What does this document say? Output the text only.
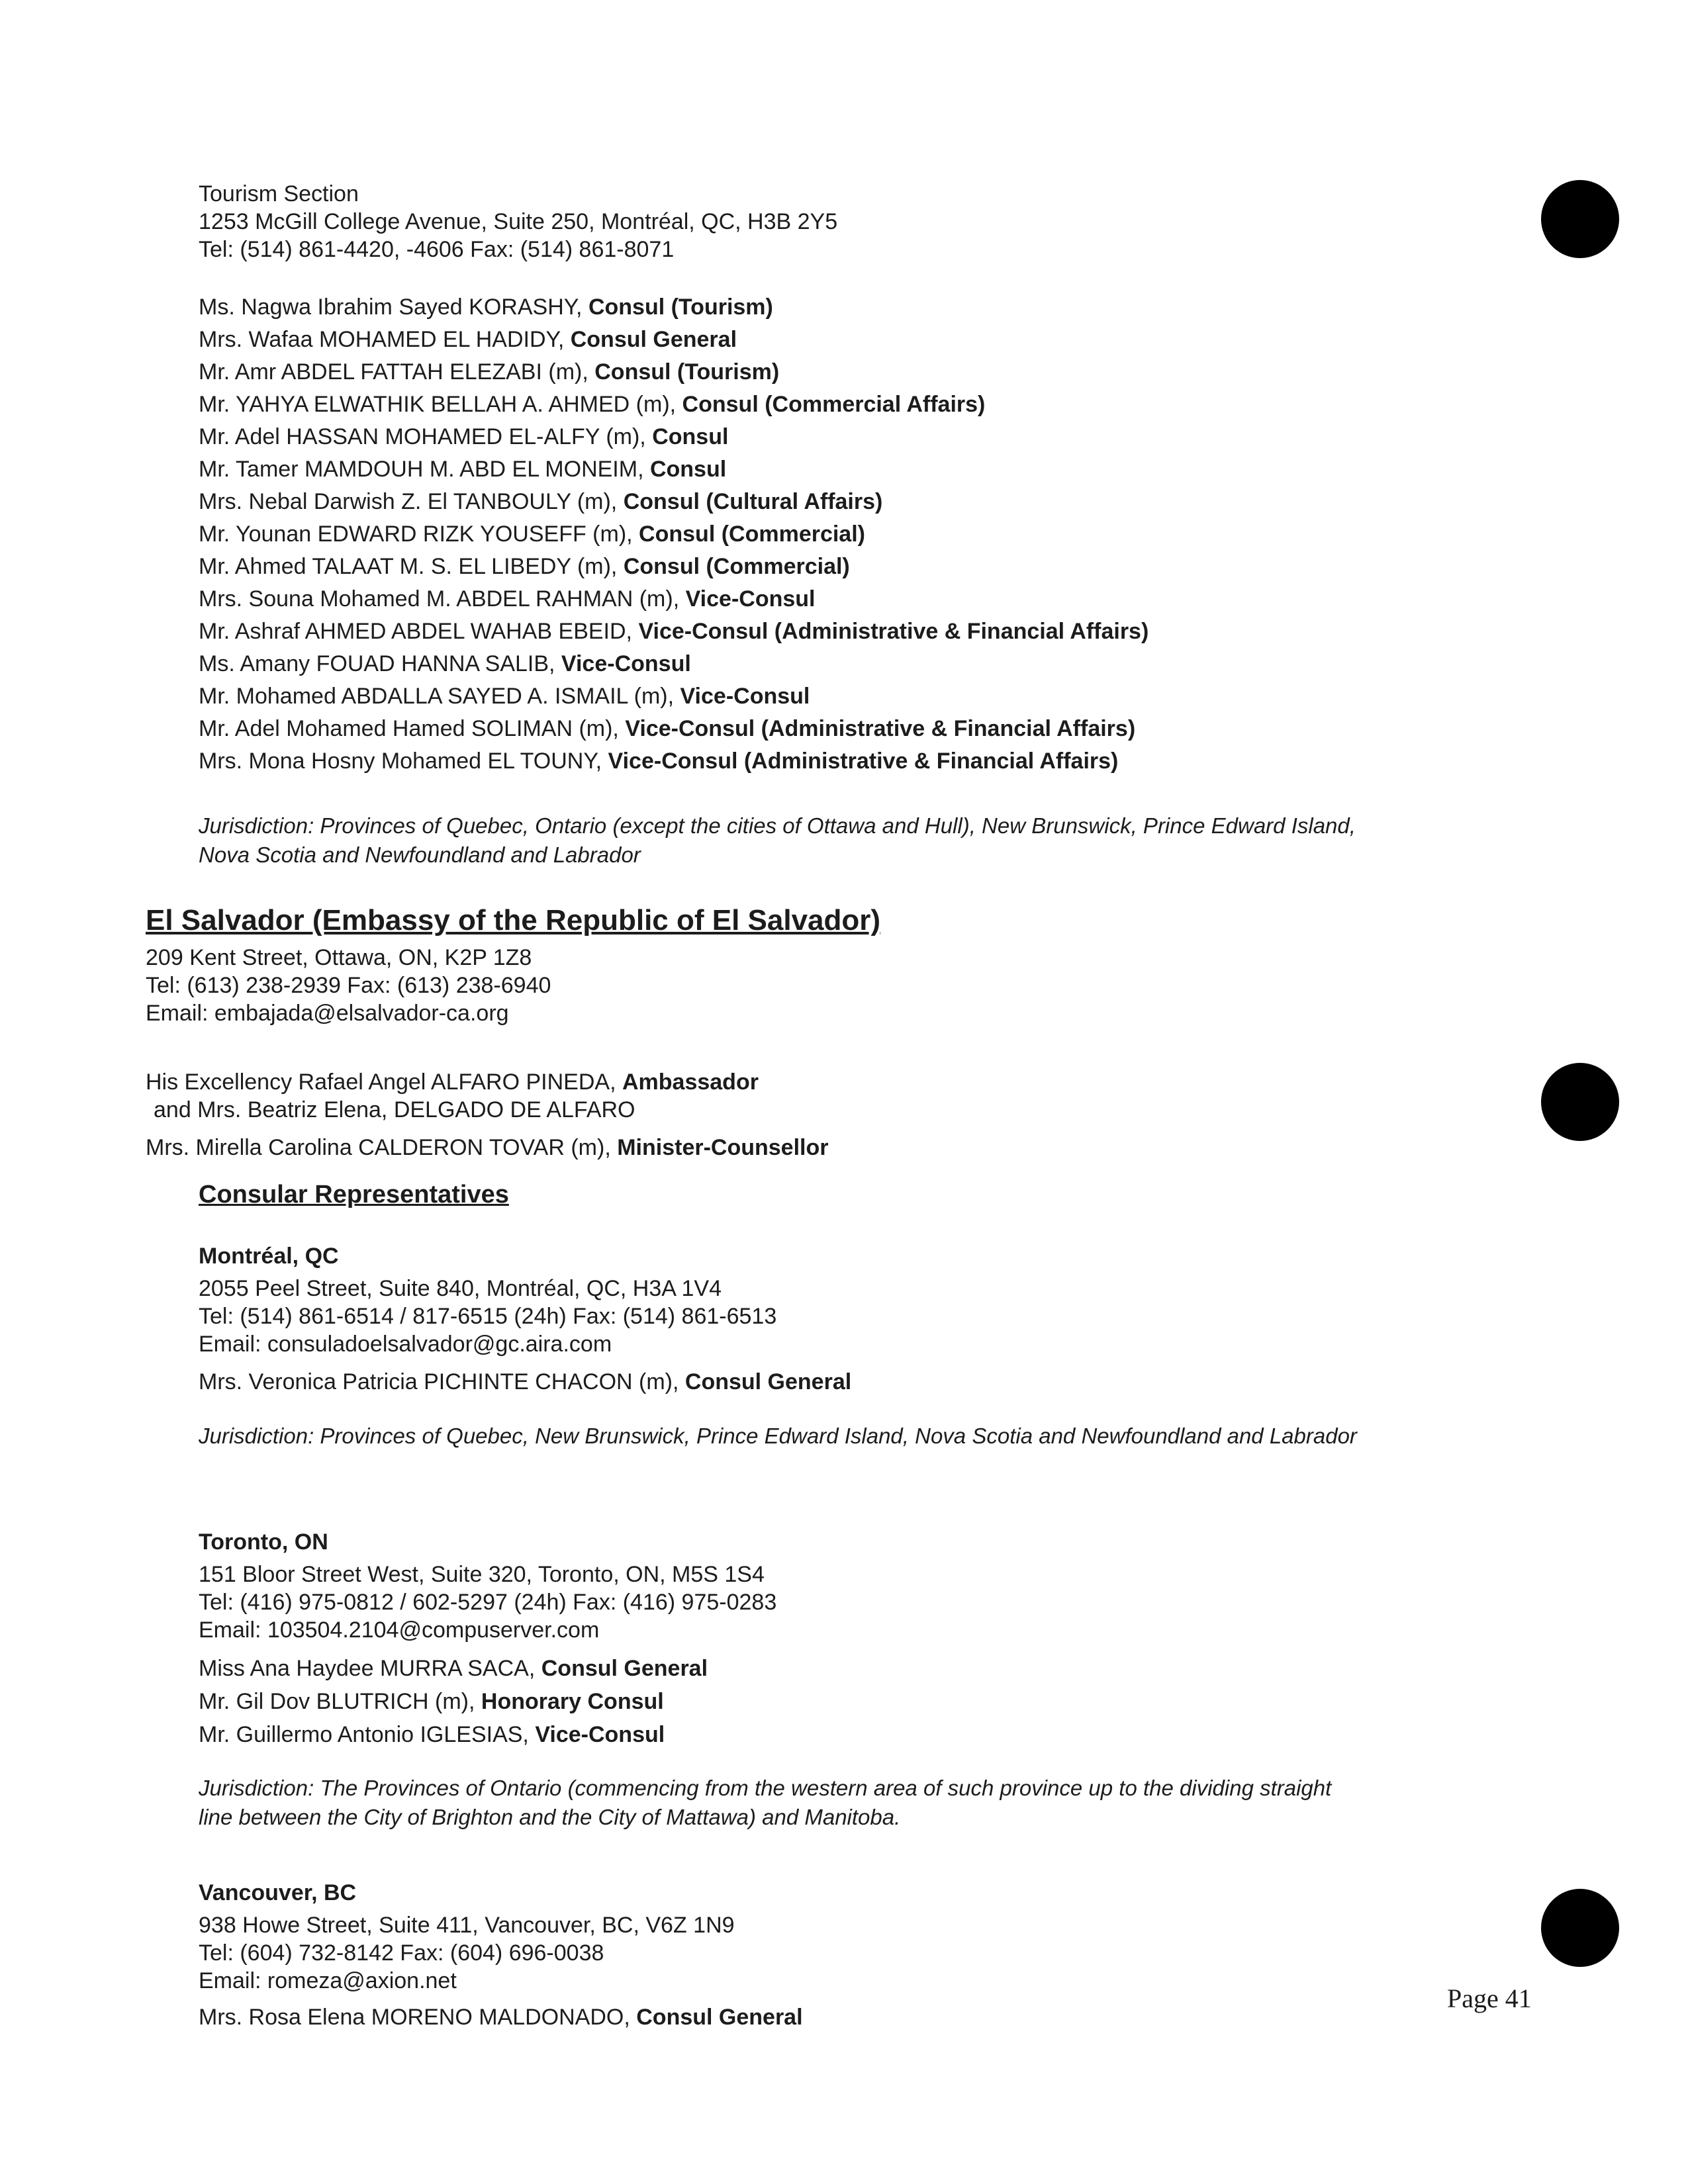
Tourism Section
1253 McGill College Avenue, Suite 250, Montréal, QC, H3B 2Y5
Tel: (514) 861-4420, -4606 Fax: (514) 861-8071
Ms. Nagwa Ibrahim Sayed KORASHY, Consul (Tourism)
Mrs. Wafaa MOHAMED EL HADIDY, Consul General
Mr. Amr ABDEL FATTAH ELEZABI (m), Consul (Tourism)
Mr. YAHYA ELWATHIK BELLAH A. AHMED (m), Consul (Commercial Affairs)
Mr. Adel HASSAN MOHAMED EL-ALFY (m), Consul
Mr. Tamer MAMDOUH M. ABD EL MONEIM, Consul
Mrs. Nebal Darwish Z. El TANBOULY (m), Consul (Cultural Affairs)
Mr. Younan EDWARD RIZK YOUSEFF (m), Consul (Commercial)
Mr. Ahmed TALAAT M. S. EL LIBEDY (m), Consul (Commercial)
Mrs. Souna Mohamed M. ABDEL RAHMAN (m), Vice-Consul
Mr. Ashraf AHMED ABDEL WAHAB EBEID, Vice-Consul (Administrative & Financial Affairs)
Ms. Amany FOUAD HANNA SALIB, Vice-Consul
Mr. Mohamed ABDALLA SAYED A. ISMAIL (m), Vice-Consul
Mr. Adel Mohamed Hamed SOLIMAN (m), Vice-Consul (Administrative & Financial Affairs)
Mrs. Mona Hosny Mohamed EL TOUNY, Vice-Consul (Administrative & Financial Affairs)
Jurisdiction: Provinces of Quebec, Ontario (except the cities of Ottawa and Hull), New Brunswick, Prince Edward Island,
Nova Scotia and Newfoundland and Labrador
El Salvador (Embassy of the Republic of El Salvador)
209 Kent Street, Ottawa, ON, K2P 1Z8
Tel: (613) 238-2939 Fax: (613) 238-6940
Email: embajada@elsalvador-ca.org
His Excellency Rafael Angel ALFARO PINEDA, Ambassador
and Mrs. Beatriz Elena, DELGADO DE ALFARO
Mrs. Mirella Carolina CALDERON TOVAR (m), Minister-Counsellor
Consular Representatives
Montréal, QC
2055 Peel Street, Suite 840, Montréal, QC, H3A 1V4
Tel: (514) 861-6514 / 817-6515 (24h) Fax: (514) 861-6513
Email: consuladoelsalvador@gc.aira.com
Mrs. Veronica Patricia PICHINTE CHACON (m), Consul General
Jurisdiction: Provinces of Quebec, New Brunswick, Prince Edward Island, Nova Scotia and Newfoundland and Labrador
Toronto, ON
151 Bloor Street West, Suite 320, Toronto, ON, M5S 1S4
Tel: (416) 975-0812 / 602-5297 (24h) Fax: (416) 975-0283
Email: 103504.2104@compuserver.com
Miss Ana Haydee MURRA SACA, Consul General
Mr. Gil Dov BLUTRICH (m), Honorary Consul
Mr. Guillermo Antonio IGLESIAS, Vice-Consul
Jurisdiction: The Provinces of Ontario (commencing from the western area of such province up to the dividing straight
line between the City of Brighton and the City of Mattawa) and Manitoba.
Vancouver, BC
938 Howe Street, Suite 411, Vancouver, BC, V6Z 1N9
Tel: (604) 732-8142 Fax: (604) 696-0038
Email: romeza@axion.net
Mrs. Rosa Elena MORENO MALDONADO, Consul General
Page 41
